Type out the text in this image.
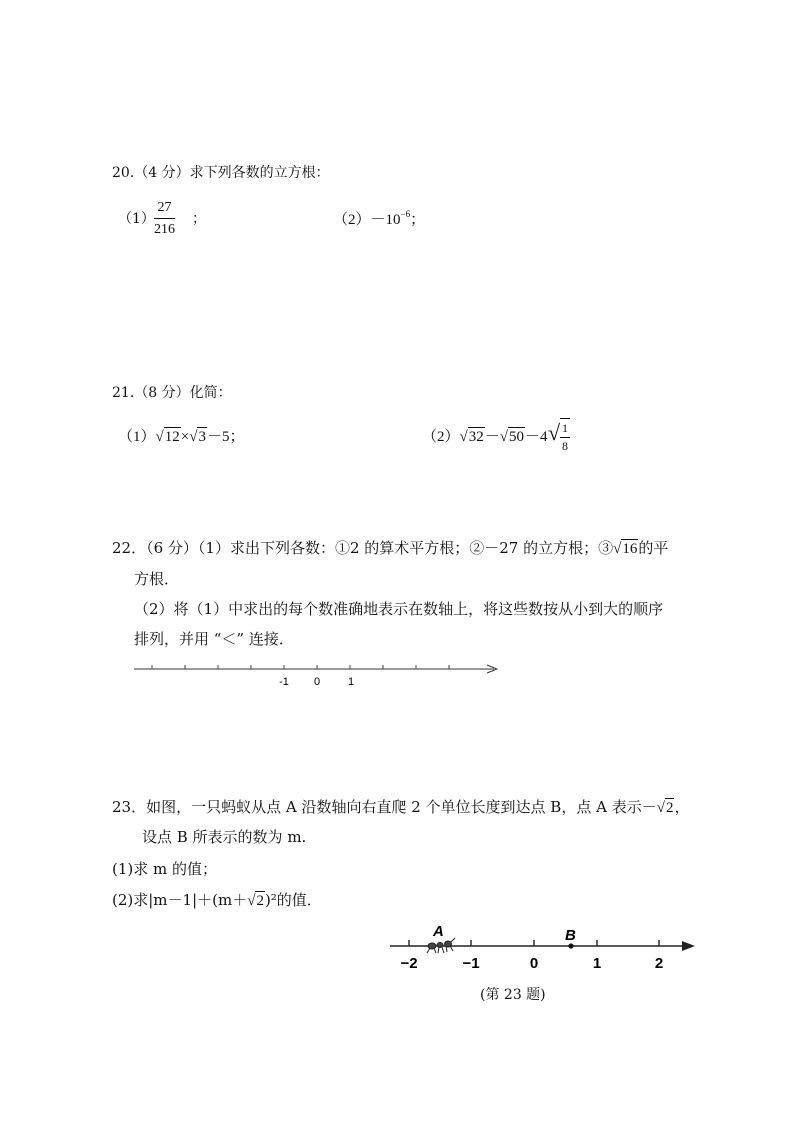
20.（4 分）求下列各数的立方根：
$(1) \frac{27}{216}$ ；	$(2)-10^{-6}$；
21.（8 分）化简：
（1）√12×√3－5；	（2）√32－√50－4 √ $\frac{1}{8}$
22．（6 分）（1）求出下列各数：①2 的算术平方根；②－27 的立方根；③√16的平
方根．
（2）将（1）中求出的每个数准确地表示在数轴上，将这些数按从小到大的顺序
排列，并用 “＜” 连接．
-1 0	1
B
A
−2	−1	0	1	2
23．如图，一只蚂蚁从点 A 沿数轴向右直爬 2 个单位长度到达点 B，点 A 表示－√2，
设点 B 所表示的数为 m.
(1)求 m 的值；
(2)求|m－1|＋(m＋√2)²的值．
(第 23 题)
